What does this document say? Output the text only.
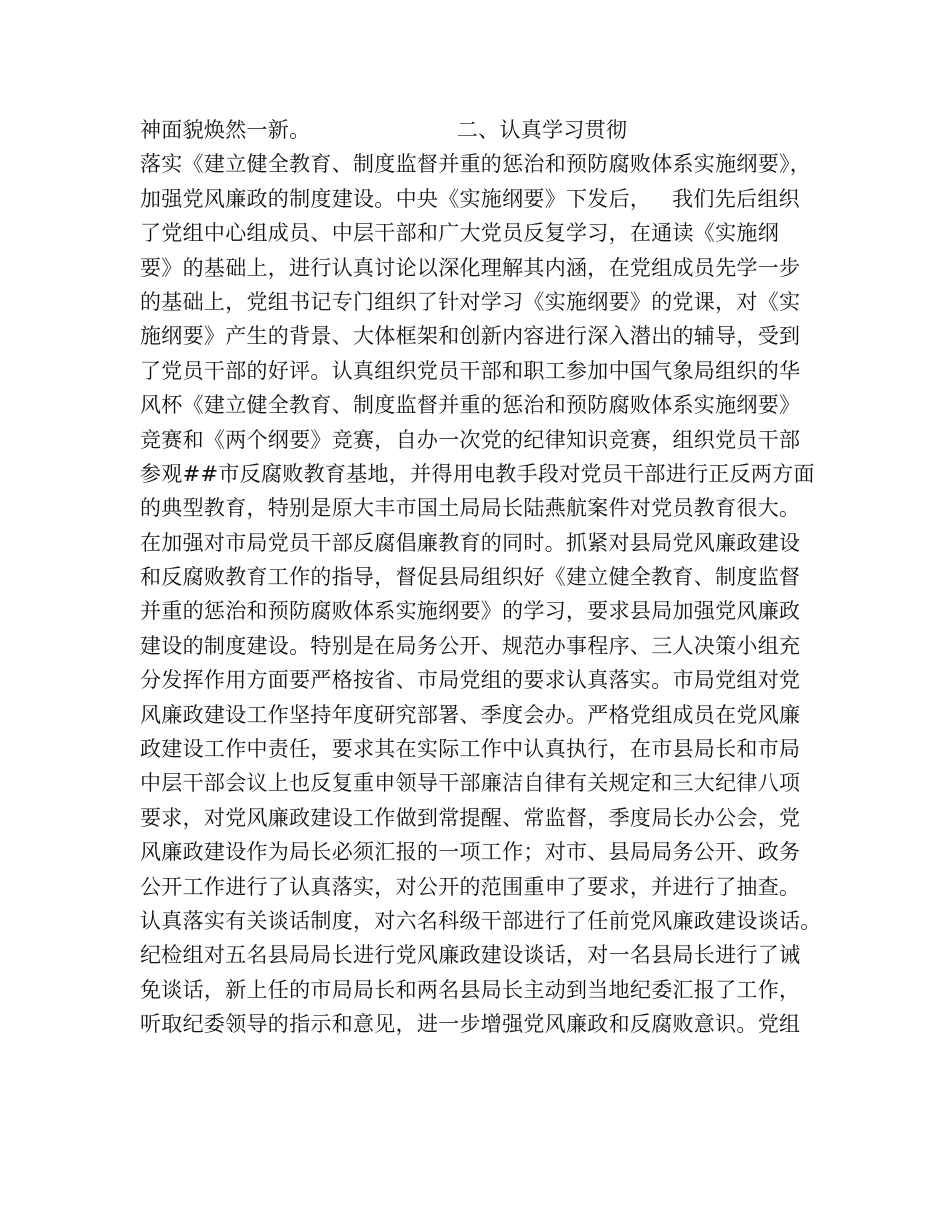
神面貌焕然一新。                     二、认真学习贯彻
落实《建立健全教育、制度监督并重的惩治和预防腐败体系实施纲要》，
加强党风廉政的制度建设。中央《实施纲要》下发后，   我们先后组织
了党组中心组成员、中层干部和广大党员反复学习，在通读《实施纲
要》的基础上，进行认真讨论以深化理解其内涵，在党组成员先学一步
的基础上，党组书记专门组织了针对学习《实施纲要》的党课，对《实
施纲要》产生的背景、大体框架和创新内容进行深入潜出的辅导，受到
了党员干部的好评。认真组织党员干部和职工参加中国气象局组织的华
风杯《建立健全教育、制度监督并重的惩治和预防腐败体系实施纲要》
竞赛和《两个纲要》竞赛，自办一次党的纪律知识竞赛，组织党员干部
参观##市反腐败教育基地，并得用电教手段对党员干部进行正反两方面
的典型教育，特别是原大丰市国土局局长陆燕航案件对党员教育很大。
在加强对市局党员干部反腐倡廉教育的同时。抓紧对县局党风廉政建设
和反腐败教育工作的指导，督促县局组织好《建立健全教育、制度监督
并重的惩治和预防腐败体系实施纲要》的学习，要求县局加强党风廉政
建设的制度建设。特别是在局务公开、规范办事程序、三人决策小组充
分发挥作用方面要严格按省、市局党组的要求认真落实。市局党组对党
风廉政建设工作坚持年度研究部署、季度会办。严格党组成员在党风廉
政建设工作中责任，要求其在实际工作中认真执行，在市县局长和市局
中层干部会议上也反复重申领导干部廉洁自律有关规定和三大纪律八项
要求，对党风廉政建设工作做到常提醒、常监督，季度局长办公会，党
风廉政建设作为局长必须汇报的一项工作；对市、县局局务公开、政务
公开工作进行了认真落实，对公开的范围重申了要求，并进行了抽查。
认真落实有关谈话制度，对六名科级干部进行了任前党风廉政建设谈话。
纪检组对五名县局局长进行党风廉政建设谈话，对一名县局长进行了诫
免谈话，新上任的市局局长和两名县局长主动到当地纪委汇报了工作，
听取纪委领导的指示和意见，进一步增强党风廉政和反腐败意识。党组
